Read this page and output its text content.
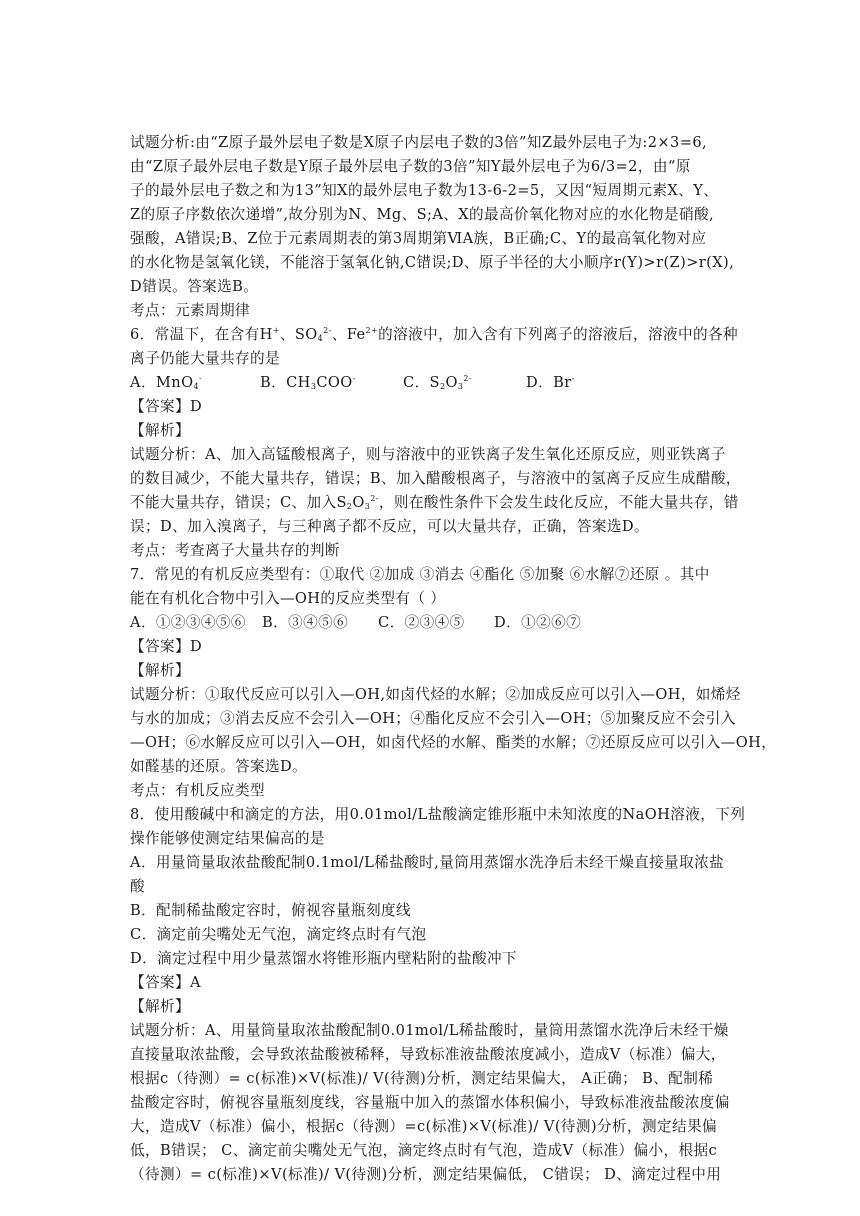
试题分析:由“Z原子最外层电子数是X原子内层电子数的3倍”知Z最外层电子为:2×3=6,
由“Z原子最外层电子数是Y原子最外层电子数的3倍”知Y最外层电子为6/3=2，由“原
子的最外层电子数之和为13”知X的最外层电子数为13-6-2=5，又因“短周期元素X、Y、
Z的原子序数依次递增”,故分别为N、Mg、S;A、X的最高价氧化物对应的水化物是硝酸,
强酸，A错误;B、Z位于元素周期表的第3周期第ⅥA族，B正确;C、Y的最高氧化物对应
的水化物是氢氧化镁，不能溶于氢氧化钠,C错误;D、原子半径的大小顺序r(Y)>r(Z)>r(X),
D错误。答案选B。
考点：元素周期律
6．常温下，在含有H+、$SO_4^{2-}$、$Fe^{2+}$的溶液中，加入含有下列离子的溶液后，溶液中的各种
离子仍能大量共存的是
A．MnO$_4$-	B．$CH_3COO^-$	C．$S_2O_3^{2-}$	D．Br-
【答案】D
【解析】
试题分析：A、加入高锰酸根离子，则与溶液中的亚铁离子发生氧化还原反应，则亚铁离子
的数目减少，不能大量共存，错误；B、加入醋酸根离子，与溶液中的氢离子反应生成醋酸，
不能大量共存，错误；C、加入$S_2O_3^{2-}$，则在酸性条件下会发生歧化反应，不能大量共存，错
误；D、加入溴离子，与三种离子都不反应，可以大量共存，正确，答案选D。
考点：考查离子大量共存的判断
7．常见的有机反应类型有：①取代 ②加成 ③消去 ④酯化 ⑤加聚 ⑥水解⑦还原 。其中
能在有机化合物中引入—OH的反应类型有（ ）
A．①②③④⑤⑥	B．③④⑤⑥	C．②③④⑤	D．①②⑥⑦
【答案】D
【解析】
试题分析：①取代反应可以引入—OH,如卤代烃的水解；②加成反应可以引入—OH，如烯烃
与水的加成；③消去反应不会引入—OH；④酯化反应不会引入—OH；⑤加聚反应不会引入
—OH；⑥水解反应可以引入—OH，如卤代烃的水解、酯类的水解；⑦还原反应可以引入—OH，
如醛基的还原。答案选D。
考点：有机反应类型
8．使用酸碱中和滴定的方法，用0.01mol/L盐酸滴定锥形瓶中未知浓度的NaOH溶液，下列
操作能够使测定结果偏高的是
A．用量筒量取浓盐酸配制0.1mol/L稀盐酸时,量筒用蒸馏水洗净后未经干燥直接量取浓盐
酸
B．配制稀盐酸定容时，俯视容量瓶刻度线
C．滴定前尖嘴处无气泡，滴定终点时有气泡
D．滴定过程中用少量蒸馏水将锥形瓶内壁粘附的盐酸冲下
【答案】A
【解析】
试题分析：A、用量筒量取浓盐酸配制0.01mol/L稀盐酸时，量筒用蒸馏水洗净后未经干燥
直接量取浓盐酸，会导致浓盐酸被稀释，导致标准液盐酸浓度减小，造成V（标准）偏大，
根据c（待测）= c(标准)×V(标准)/ V(待测)分析，测定结果偏大， A正确； B、配制稀
盐酸定容时，俯视容量瓶刻度线，容量瓶中加入的蒸馏水体积偏小，导致标准液盐酸浓度偏
大，造成V（标准）偏小，根据c（待测）=c(标准)×V(标准)/ V(待测)分析，测定结果偏
低，B错误； C、滴定前尖嘴处无气泡，滴定终点时有气泡，造成V（标准）偏小，根据c
（待测）= c(标准)×V(标准)/ V(待测)分析，测定结果偏低， C错误； D、滴定过程中用
